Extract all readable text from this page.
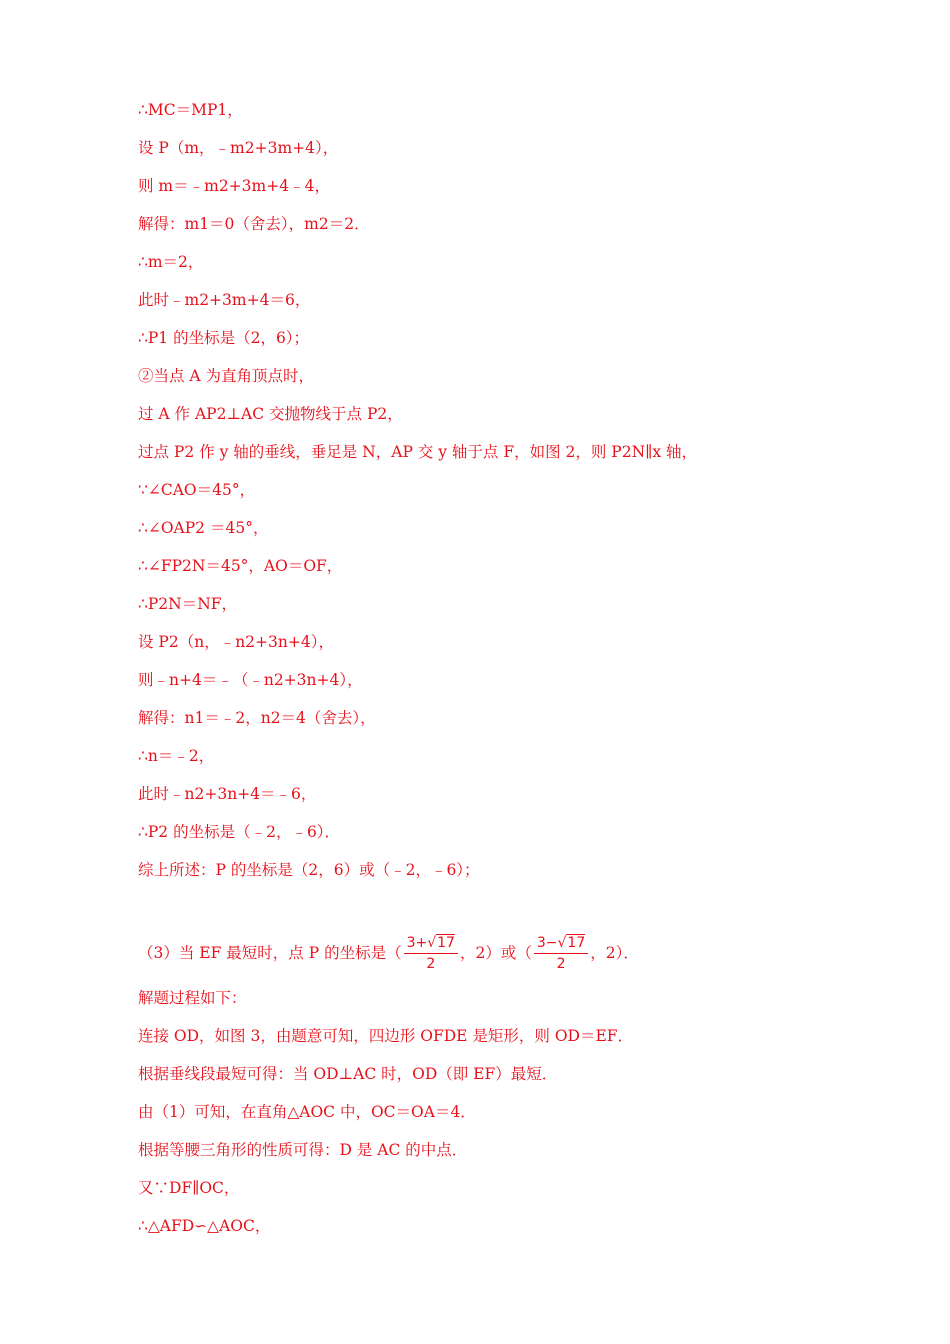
∴MC＝MP1，
设 P（m，﹣m2+3m+4），
则 m＝﹣m2+3m+4﹣4，
解得：m1＝0（舍去），m2＝2．
∴m＝2，
此时﹣m2+3m+4＝6，
∴P1 的坐标是（2，6）；
②当点 A 为直角顶点时，
过 A 作 AP2⊥AC 交抛物线于点 P2，
过点 P2 作 y 轴的垂线，垂足是 N，AP 交 y 轴于点 F，如图 2，则 P2N∥x 轴，
∵∠CAO＝45°，
∴∠OAP2 ＝45°，
∴∠FP2N＝45°，AO＝OF，
∴P2N＝NF，
设 P2（n，﹣n2+3n+4），
则﹣n+4＝﹣（﹣n2+3n+4），
解得：n1＝﹣2，n2＝4（舍去），
∴n＝﹣2，
此时﹣n2+3n+4＝﹣6，
∴P2 的坐标是（﹣2，﹣6）．
综上所述：P 的坐标是（2，6）或（﹣2，﹣6）；
（3）当 EF 最短时，点 P 的坐标是（ $\frac{3+√17}{2}$ ，2）或（ $\frac{3-√17}{2}$ ，2）．
解题过程如下：
连接 OD，如图 3，由题意可知，四边形 OFDE 是矩形，则 OD＝EF．
根据垂线段最短可得：当 OD⊥AC 时，OD（即 EF）最短．
由（1）可知，在直角△AOC 中，OC＝OA＝4．
根据等腰三角形的性质可得：D 是 AC 的中点．
又∵DF∥OC，
∴△AFD∽△AOC，
